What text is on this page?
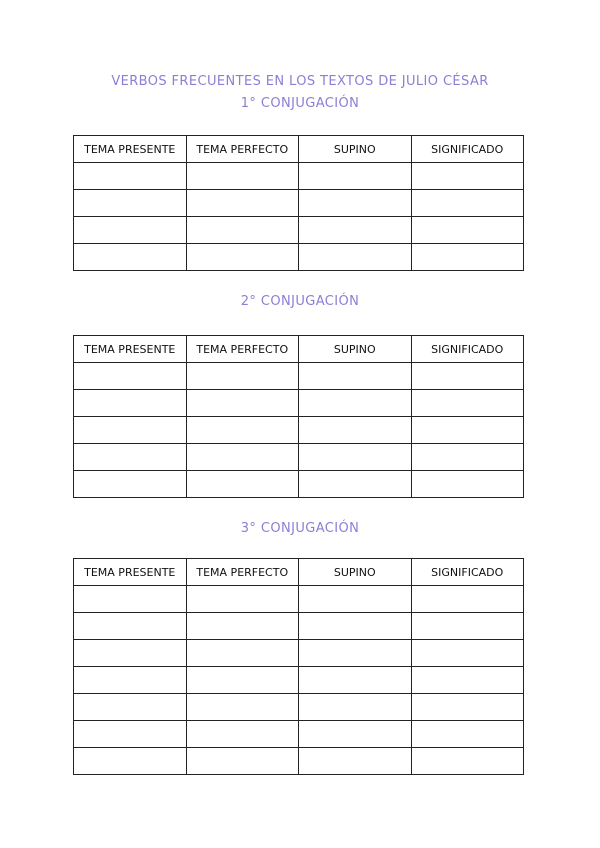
VERBOS FRECUENTES EN LOS TEXTOS DE JULIO CÉSAR
1° CONJUGACIÓN
TEMA PRESENTE	TEMA PERFECTO	SUPINO	SIGNIFICADO

2° CONJUGACIÓN
TEMA PRESENTE	TEMA PERFECTO	SUPINO	SIGNIFICADO

3° CONJUGACIÓN
TEMA PRESENTE	TEMA PERFECTO	SUPINO	SIGNIFICADO
